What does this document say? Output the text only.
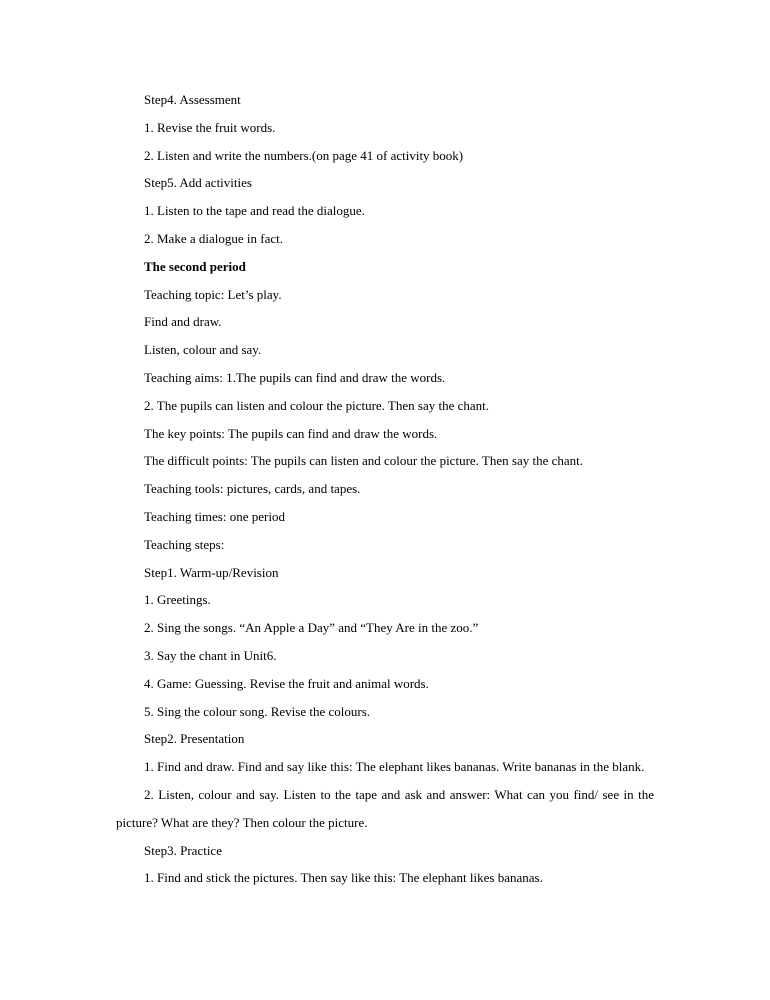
Step4. Assessment
1. Revise the fruit words.
2. Listen and write the numbers.(on page 41 of activity book)
Step5. Add activities
1. Listen to the tape and read the dialogue.
2. Make a dialogue in fact.
The second period
Teaching topic: Let’s play.
Find and draw.
Listen, colour and say.
Teaching aims: 1.The pupils can find and draw the words.
2. The pupils can listen and colour the picture. Then say the chant.
The key points: The pupils can find and draw the words.
The difficult points: The pupils can listen and colour the picture. Then say the chant.
Teaching tools: pictures, cards, and tapes.
Teaching times: one period
Teaching steps:
Step1. Warm-up/Revision
1. Greetings.
2. Sing the songs. “An Apple a Day” and “They Are in the zoo.”
3. Say the chant in Unit6.
4. Game: Guessing. Revise the fruit and animal words.
5. Sing the colour song. Revise the colours.
Step2. Presentation

1. Find and draw. Find and say like this: The elephant likes bananas. Write bananas in the blank.

2. Listen, colour and say. Listen to the tape and ask and answer: What can you find/ see in the picture? What are they? Then colour the picture.

Step3. Practice
1. Find and stick the pictures. Then say like this: The elephant likes bananas.
